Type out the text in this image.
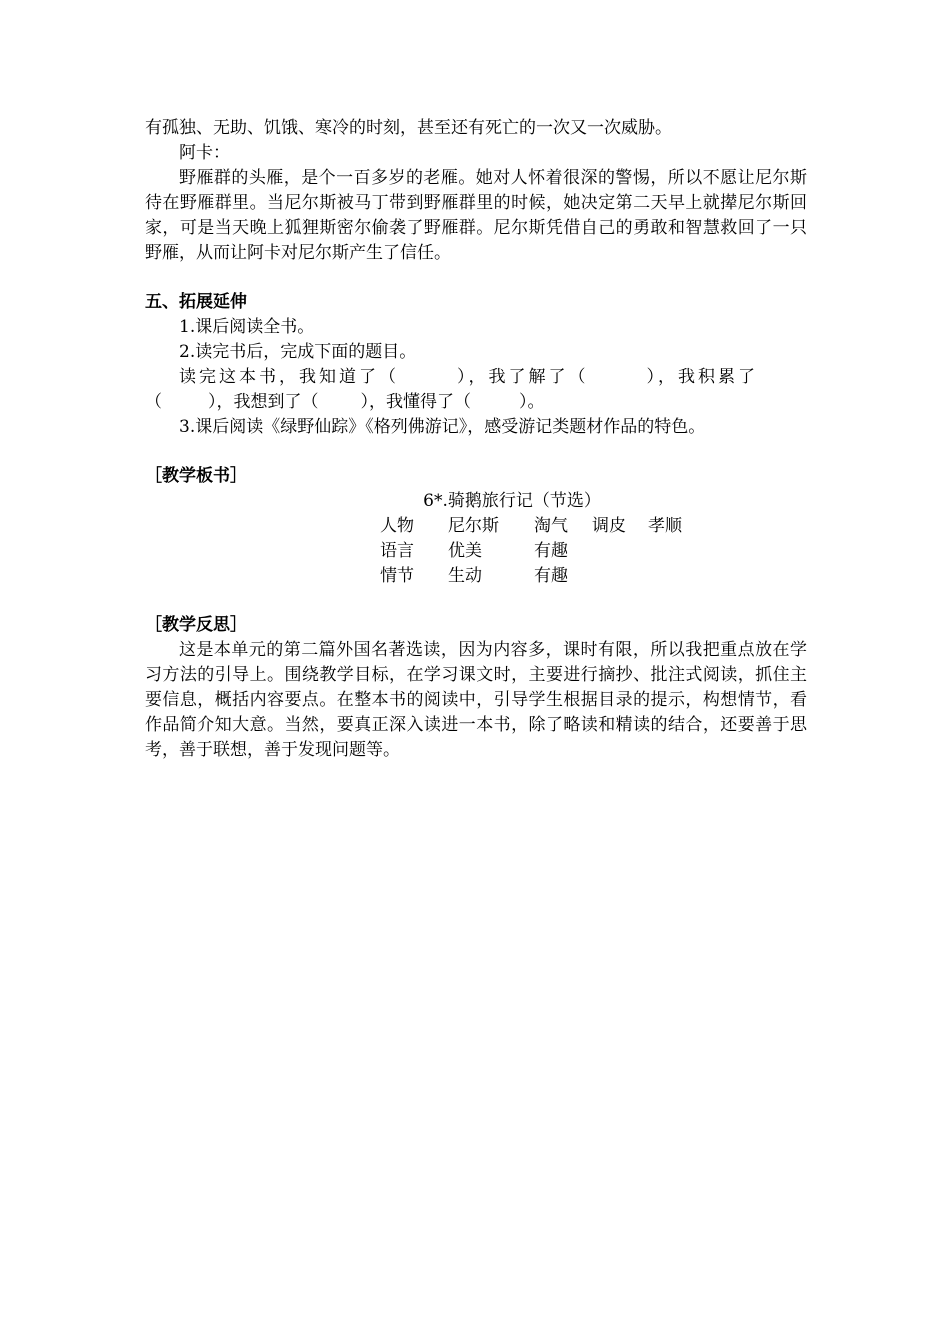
有孤独、无助、饥饿、寒冷的时刻，甚至还有死亡的一次又一次威胁。

阿卡：

野雁群的头雁，是个一百多岁的老雁。她对人怀着很深的警惕，所以不愿让尼尔斯待在野雁群里。当尼尔斯被马丁带到野雁群里的时候，她决定第二天早上就撵尼尔斯回家，可是当天晚上狐狸斯密尔偷袭了野雁群。尼尔斯凭借自己的勇敢和智慧救回了一只野雁，从而让阿卡对尼尔斯产生了信任。

五、拓展延伸

1.课后阅读全书。

2.读完书后，完成下面的题目。

读完这本书，我知道了（	），我了解了（	），我积累了

（	），我想到了（ ），我懂得了（	）。

3.课后阅读《绿野仙踪》《格列佛游记》，感受游记类题材作品的特色。

［教学板书］

6*.骑鹅旅行记（节选）

人物 尼尔斯 淘气 调皮 孝顺
语言 优美	有趣
情节 生动	有趣

［教学反思］

这是本单元的第二篇外国名著选读，因为内容多，课时有限，所以我把重点放在学习方法的引导上。围绕教学目标，在学习课文时，主要进行摘抄、批注式阅读，抓住主要信息，概括内容要点。在整本书的阅读中，引导学生根据目录的提示，构想情节，看作品简介知大意。当然，要真正深入读进一本书，除了略读和精读的结合，还要善于思考，善于联想，善于发现问题等。
